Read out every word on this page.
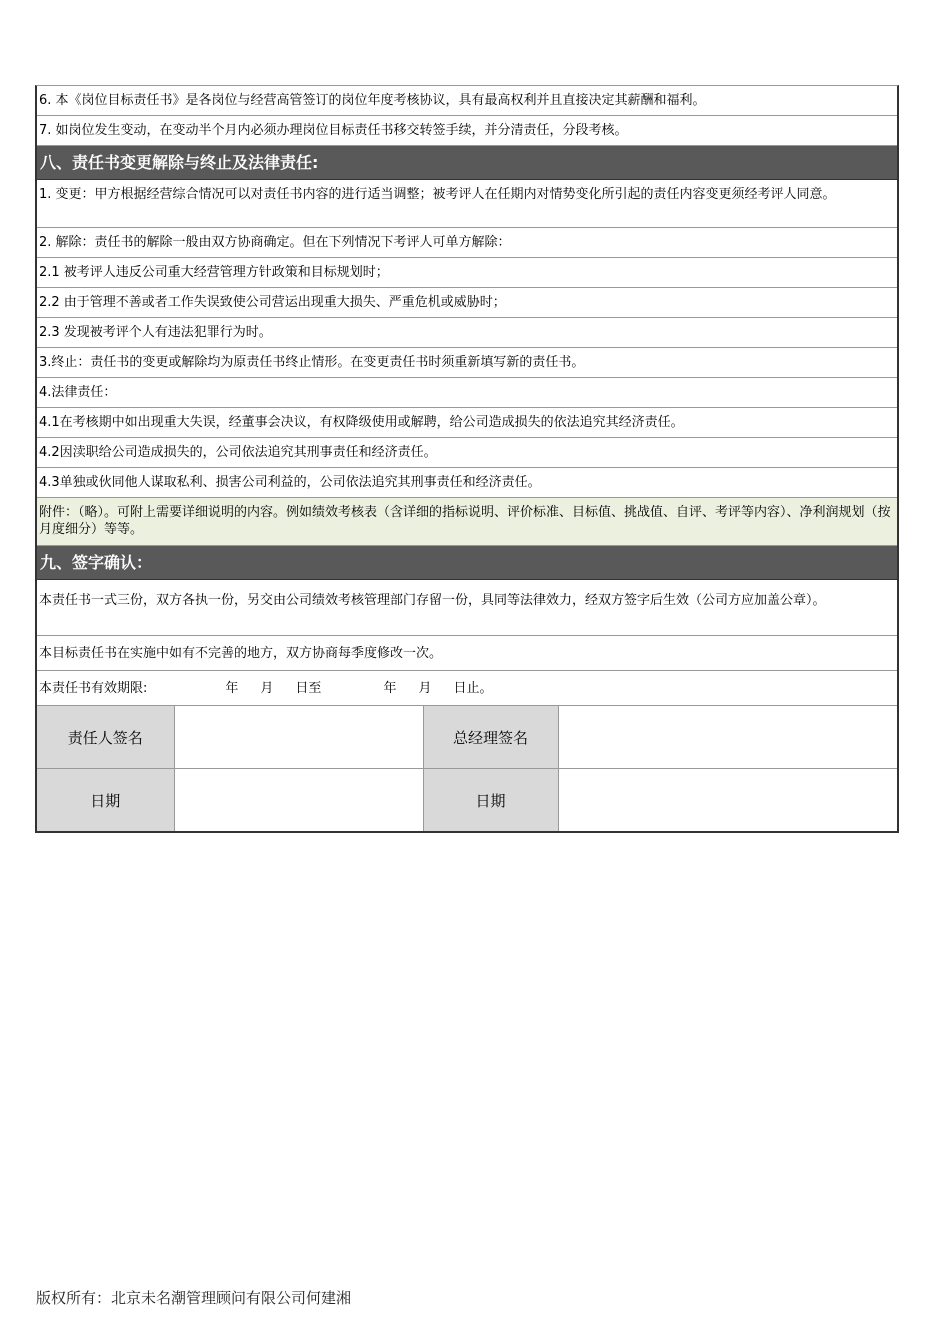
6. 本《岗位目标责任书》是各岗位与经营高管签订的岗位年度考核协议，具有最高权利并且直接决定其薪酬和福利。
7. 如岗位发生变动，在变动半个月内必须办理岗位目标责任书移交转签手续，并分清责任，分段考核。
八、责任书变更解除与终止及法律责任:
1. 变更：甲方根据经营综合情况可以对责任书内容的进行适当调整；被考评人在任期内对情势变化所引起的责任内容变更须经考评人同意。
2. 解除：责任书的解除一般由双方协商确定。但在下列情况下考评人可单方解除：
2.1 被考评人违反公司重大经营管理方针政策和目标规划时；
2.2 由于管理不善或者工作失误致使公司营运出现重大损失、严重危机或威胁时；
2.3 发现被考评个人有违法犯罪行为时。
3.终止：责任书的变更或解除均为原责任书终止情形。在变更责任书时须重新填写新的责任书。
4.法律责任：
4.1在考核期中如出现重大失误，经董事会决议，有权降级使用或解聘，给公司造成损失的依法追究其经济责任。
4.2因渎职给公司造成损失的，公司依法追究其刑事责任和经济责任。
4.3单独或伙同他人谋取私利、损害公司利益的，公司依法追究其刑事责任和经济责任。
附件：（略）。可附上需要详细说明的内容。例如绩效考核表（含详细的指标说明、评价标准、目标值、挑战值、自评、考评等内容）、净利润规划（按月度细分）等等。
九、签字确认：
本责任书一式三份，双方各执一份，另交由公司绩效考核管理部门存留一份，具同等法律效力，经双方签字后生效（公司方应加盖公章）。
本目标责任书在实施中如有不完善的地方，双方协商每季度修改一次。
本责任书有效期限:	年 月 日至	年 月 日止。
责任人签名		总经理签名	
日期		日期	
版权所有：北京未名潮管理顾问有限公司何建湘
